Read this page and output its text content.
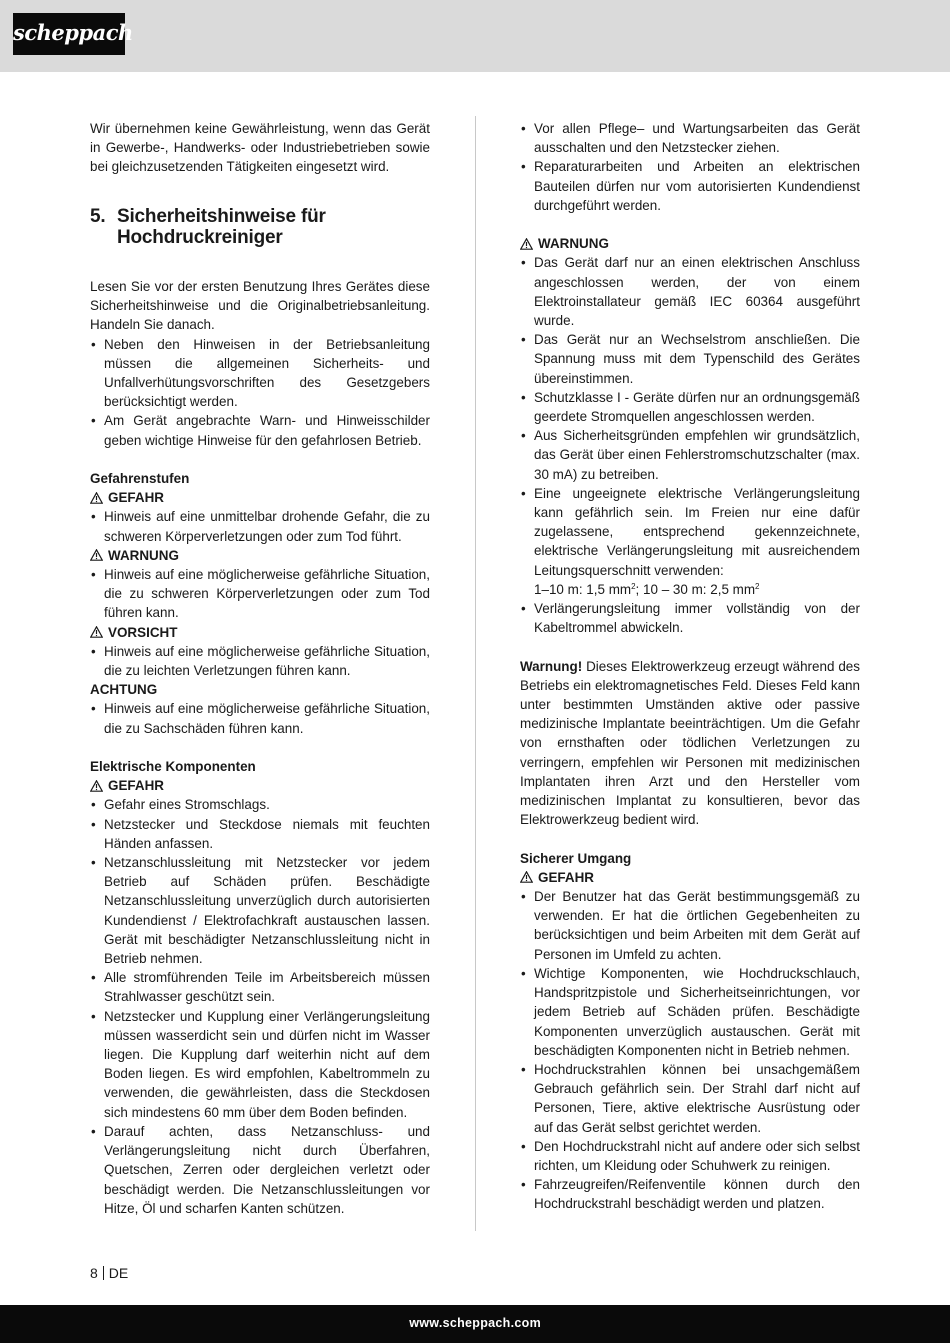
scheppach

Wir übernehmen keine Gewährleistung, wenn das Gerät in Gewerbe-, Handwerks- oder Industriebetrieben sowie bei gleichzusetzenden Tätigkeiten eingesetzt wird.

5. Sicherheitshinweise für Hochdruckreiniger

Lesen Sie vor der ersten Benutzung Ihres Gerätes diese Sicherheitshinweise und die Originalbetriebsanleitung. Handeln Sie danach.

• Neben den Hinweisen in der Betriebsanleitung müssen die allgemeinen Sicherheits- und Unfallverhütungsvorschriften des Gesetzgebers berücksichtigt werden.
• Am Gerät angebrachte Warn- und Hinweisschilder geben wichtige Hinweise für den gefahrlosen Betrieb.
Gefahrenstufen
GEFAHR
• Hinweis auf eine unmittelbar drohende Gefahr, die zu schweren Körperverletzungen oder zum Tod führt.
WARNUNG
• Hinweis auf eine möglicherweise gefährliche Situation, die zu schweren Körperverletzungen oder zum Tod führen kann.
VORSICHT
• Hinweis auf eine möglicherweise gefährliche Situation, die zu leichten Verletzungen führen kann.
ACHTUNG
• Hinweis auf eine möglicherweise gefährliche Situation, die zu Sachschäden führen kann.
Elektrische Komponenten
GEFAHR
• Gefahr eines Stromschlags.
• Netzstecker und Steckdose niemals mit feuchten Händen anfassen.
• Netzanschlussleitung mit Netzstecker vor jedem Betrieb auf Schäden prüfen. Beschädigte Netzanschlussleitung unverzüglich durch autorisierten Kundendienst / Elektrofachkraft austauschen lassen. Gerät mit beschädigter Netzanschlussleitung nicht in Betrieb nehmen.
• Alle stromführenden Teile im Arbeitsbereich müssen Strahlwasser geschützt sein.
• Netzstecker und Kupplung einer Verlängerungsleitung müssen wasserdicht sein und dürfen nicht im Wasser liegen. Die Kupplung darf weiterhin nicht auf dem Boden liegen. Es wird empfohlen, Kabeltrommeln zu verwenden, die gewährleisten, dass die Steckdosen sich mindestens 60 mm über dem Boden befinden.
• Darauf achten, dass Netzanschluss- und Verlängerungsleitung nicht durch Überfahren, Quetschen, Zerren oder dergleichen verletzt oder beschädigt werden. Die Netzanschlussleitungen vor Hitze, Öl und scharfen Kanten schützen.
• Vor allen Pflege– und Wartungsarbeiten das Gerät ausschalten und den Netzstecker ziehen.
• Reparaturarbeiten und Arbeiten an elektrischen Bauteilen dürfen nur vom autorisierten Kundendienst durchgeführt werden.
WARNUNG
• Das Gerät darf nur an einen elektrischen Anschluss angeschlossen werden, der von einem Elektroinstallateur gemäß IEC 60364 ausgeführt wurde.
• Das Gerät nur an Wechselstrom anschließen. Die Spannung muss mit dem Typenschild des Gerätes übereinstimmen.
• Schutzklasse I - Geräte dürfen nur an ordnungsgemäß geerdete Stromquellen angeschlossen werden.
• Aus Sicherheitsgründen empfehlen wir grundsätzlich, das Gerät über einen Fehlerstromschutzschalter (max. 30 mA) zu betreiben.
• Eine ungeeignete elektrische Verlängerungsleitung kann gefährlich sein. Im Freien nur eine dafür zugelassene, entsprechend gekennzeichnete, elektrische Verlängerungsleitung mit ausreichendem Leitungsquerschnitt verwenden:
1–10 m: 1,5 $mm^2$; 10 – 30 m: 2,5 $mm^2$
• Verlängerungsleitung immer vollständig von der Kabeltrommel abwickeln.

Warnung! Dieses Elektrowerkzeug erzeugt während des Betriebs ein elektromagnetisches Feld. Dieses Feld kann unter bestimmten Umständen aktive oder passive medizinische Implantate beeinträchtigen. Um die Gefahr von ernsthaften oder tödlichen Verletzungen zu verringern, empfehlen wir Personen mit medizinischen Implantaten ihren Arzt und den Hersteller vom medizinischen Implantat zu konsultieren, bevor das Elektrowerkzeug bedient wird.

Sicherer Umgang
GEFAHR
• Der Benutzer hat das Gerät bestimmungsgemäß zu verwenden. Er hat die örtlichen Gegebenheiten zu berücksichtigen und beim Arbeiten mit dem Gerät auf Personen im Umfeld zu achten.
• Wichtige Komponenten, wie Hochdruckschlauch, Handspritzpistole und Sicherheitseinrichtungen, vor jedem Betrieb auf Schäden prüfen. Beschädigte Komponenten unverzüglich austauschen. Gerät mit beschädigten Komponenten nicht in Betrieb nehmen.
• Hochdruckstrahlen können bei unsachgemäßem Gebrauch gefährlich sein. Der Strahl darf nicht auf Personen, Tiere, aktive elektrische Ausrüstung oder auf das Gerät selbst gerichtet werden.
• Den Hochdruckstrahl nicht auf andere oder sich selbst richten, um Kleidung oder Schuhwerk zu reinigen.
• Fahrzeugreifen/Reifenventile können durch den Hochdruckstrahl beschädigt werden und platzen.
8 DE
www.scheppach.com
